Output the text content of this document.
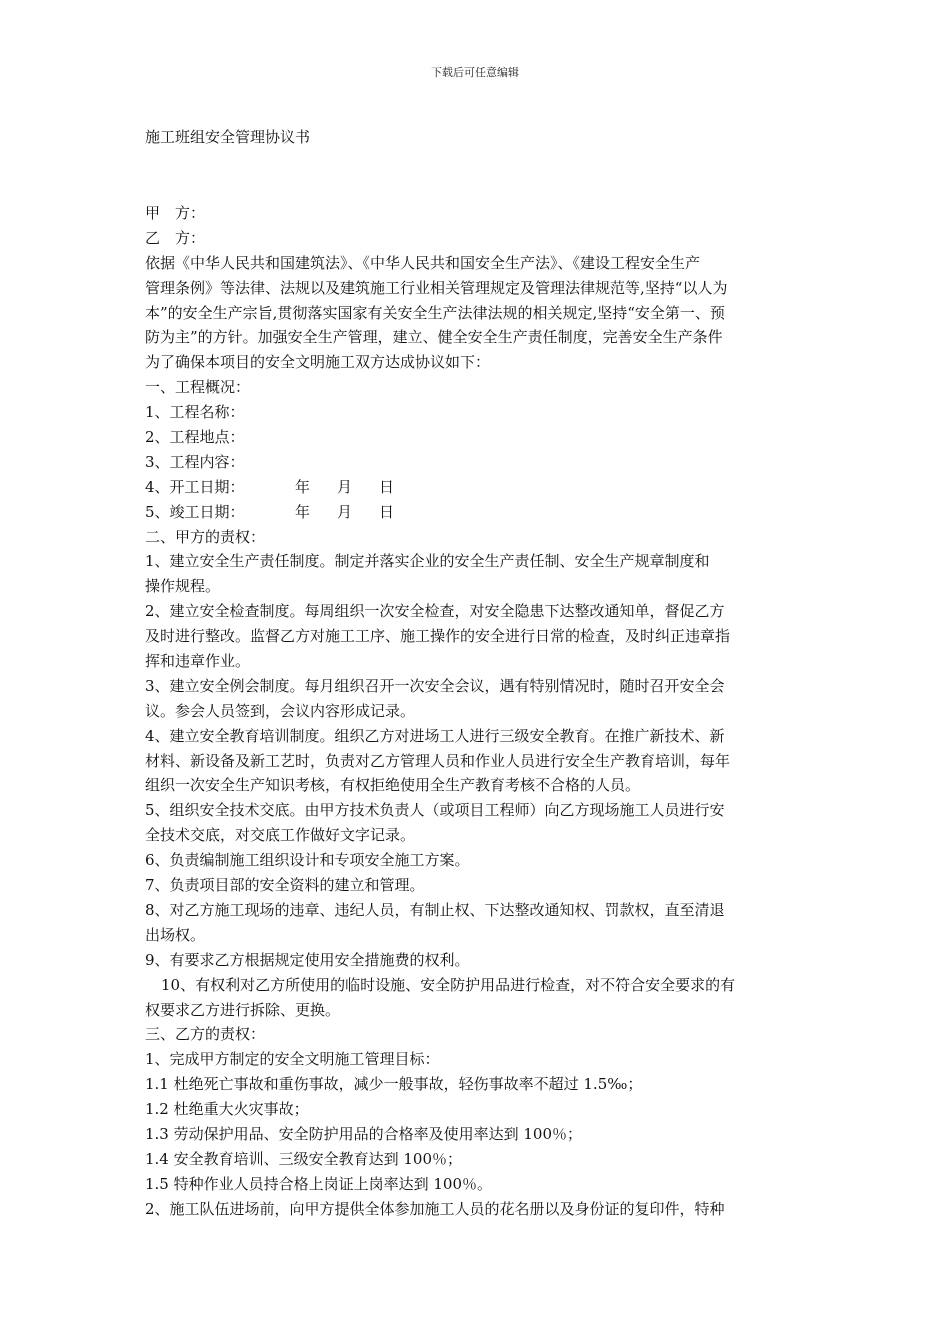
下载后可任意编辑
施工班组安全管理协议书
甲　方：
乙　方：
依据《中华人民共和国建筑法》、《中华人民共和国安全生产法》、《建设工程安全生产
管理条例》等法律、法规以及建筑施工行业相关管理规定及管理法律规范等,坚持“以人为
本”的安全生产宗旨,贯彻落实国家有关安全生产法律法规的相关规定,坚持“安全第一、预
防为主”的方针。加强安全生产管理，建立、健全安全生产责任制度，完善安全生产条件
为了确保本项目的安全文明施工双方达成协议如下：
一、工程概况：
1、工程名称：
2、工程地点：
3、工程内容：
4、开工日期：	年 月 日
5、竣工日期：	年 月 日
二、甲方的责权：
1、建立安全生产责任制度。制定并落实企业的安全生产责任制、安全生产规章制度和
操作规程。
2、建立安全检查制度。每周组织一次安全检查，对安全隐患下达整改通知单，督促乙方
及时进行整改。监督乙方对施工工序、施工操作的安全进行日常的检查，及时纠正违章指
挥和违章作业。
3、建立安全例会制度。每月组织召开一次安全会议，遇有特别情况时，随时召开安全会
议。参会人员签到，会议内容形成记录。
4、建立安全教育培训制度。组织乙方对进场工人进行三级安全教育。在推广新技术、新
材料、新设备及新工艺时，负责对乙方管理人员和作业人员进行安全生产教育培训，每年
组织一次安全生产知识考核，有权拒绝使用全生产教育考核不合格的人员。
5、组织安全技术交底。由甲方技术负责人（或项目工程师）向乙方现场施工人员进行安
全技术交底，对交底工作做好文字记录。
6、负责编制施工组织设计和专项安全施工方案。
7、负责项目部的安全资料的建立和管理。
8、对乙方施工现场的违章、违纪人员，有制止权、下达整改通知权、罚款权，直至清退
出场权。
9、有要求乙方根据规定使用安全措施费的权利。
10、有权利对乙方所使用的临时设施、安全防护用品进行检查，对不符合安全要求的有
权要求乙方进行拆除、更换。
三、乙方的责权：
1、完成甲方制定的安全文明施工管理目标：
1.1 杜绝死亡事故和重伤事故，减少一般事故，轻伤事故率不超过 1.5‰；
1.2 杜绝重大火灾事故；
1.3 劳动保护用品、安全防护用品的合格率及使用率达到 100％；
1.4 安全教育培训、三级安全教育达到 100％；
1.5 特种作业人员持合格上岗证上岗率达到 100％。
2、施工队伍进场前，向甲方提供全体参加施工人员的花名册以及身份证的复印件，特种
